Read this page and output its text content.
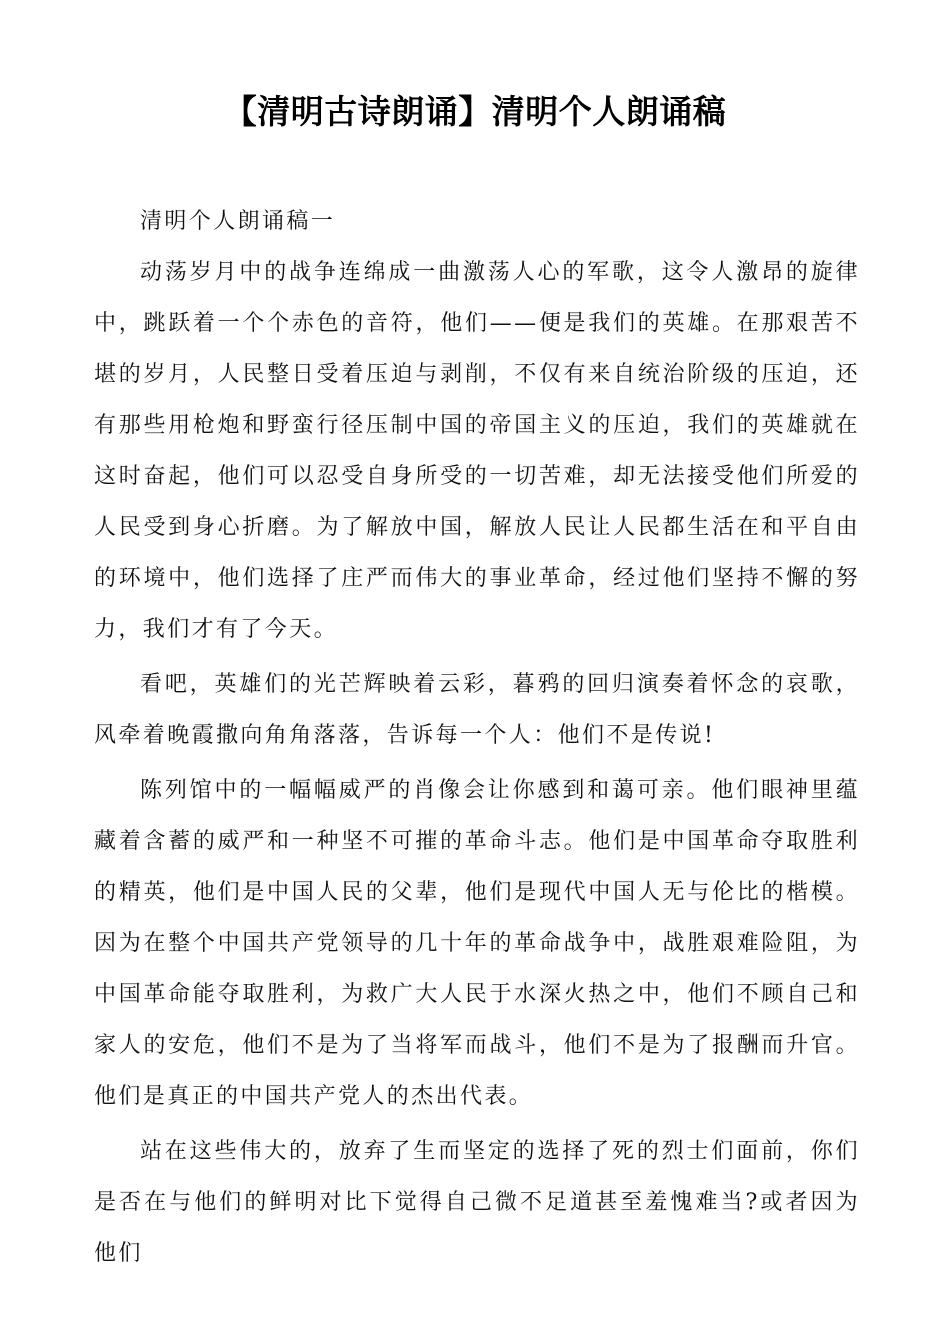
【清明古诗朗诵】清明个人朗诵稿

清明个人朗诵稿一

动荡岁月中的战争连绵成一曲激荡人心的军歌，这令人激昂的旋律中，跳跃着一个个赤色的音符，他们——便是我们的英雄。在那艰苦不堪的岁月，人民整日受着压迫与剥削，不仅有来自统治阶级的压迫，还有那些用枪炮和野蛮行径压制中国的帝国主义的压迫，我们的英雄就在这时奋起，他们可以忍受自身所受的一切苦难，却无法接受他们所爱的人民受到身心折磨。为了解放中国，解放人民让人民都生活在和平自由的环境中，他们选择了庄严而伟大的事业革命，经过他们坚持不懈的努力，我们才有了今天。

看吧，英雄们的光芒辉映着云彩，暮鸦的回归演奏着怀念的哀歌，风牵着晚霞撒向角角落落，告诉每一个人：他们不是传说!

陈列馆中的一幅幅威严的肖像会让你感到和蔼可亲。他们眼神里蕴藏着含蓄的威严和一种坚不可摧的革命斗志。他们是中国革命夺取胜利的精英，他们是中国人民的父辈，他们是现代中国人无与伦比的楷模。因为在整个中国共产党领导的几十年的革命战争中，战胜艰难险阻，为中国革命能夺取胜利，为救广大人民于水深火热之中，他们不顾自己和家人的安危，他们不是为了当将军而战斗，他们不是为了报酬而升官。他们是真正的中国共产党人的杰出代表。

站在这些伟大的，放弃了生而坚定的选择了死的烈士们面前，你们是否在与他们的鲜明对比下觉得自己微不足道甚至羞愧难当?或者因为他们
